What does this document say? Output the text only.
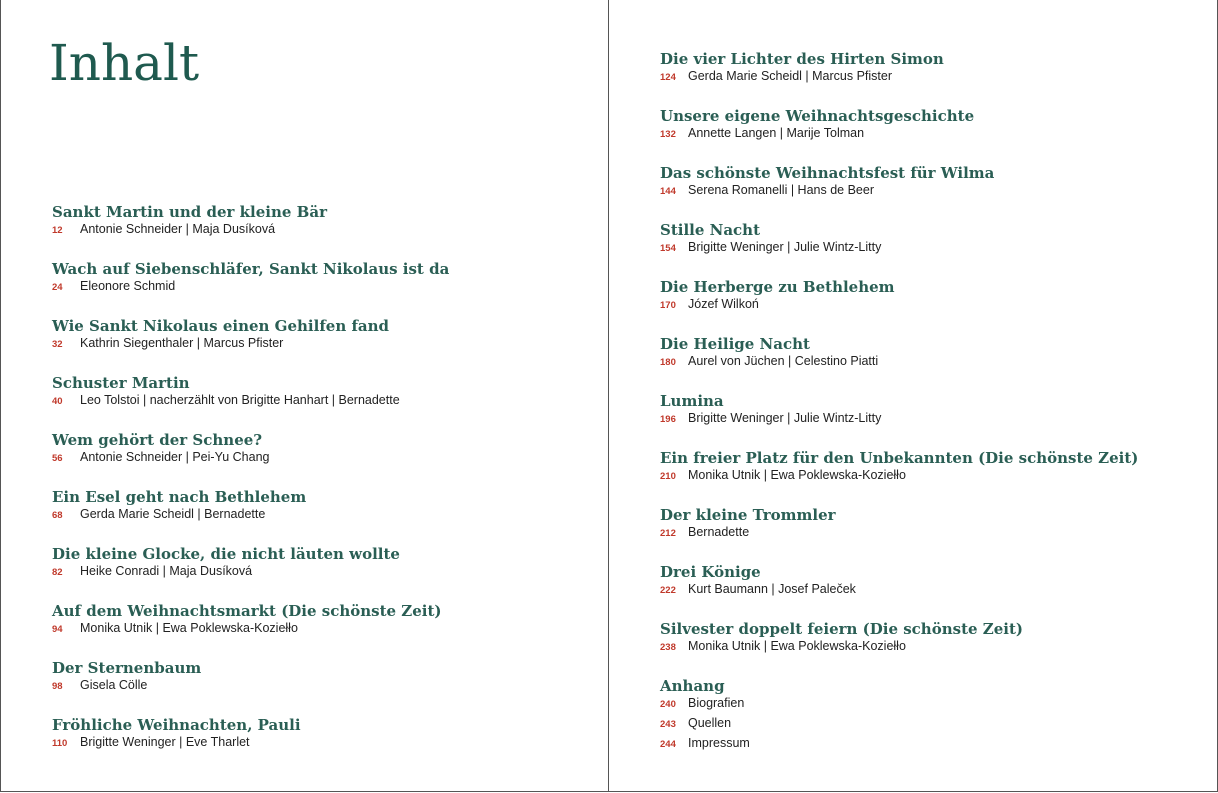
Inhalt
Sankt Martin und der kleine Bär
12	Antonie Schneider | Maja Dusíková
Wach auf Siebenschläfer, Sankt Nikolaus ist da
24	Eleonore Schmid
Wie Sankt Nikolaus einen Gehilfen fand
32	Kathrin Siegenthaler | Marcus Pfister
Schuster Martin
40	Leo Tolstoi | nacherzählt von Brigitte Hanhart | Bernadette
Wem gehört der Schnee?
56	Antonie Schneider | Pei-Yu Chang
Ein Esel geht nach Bethlehem
68	Gerda Marie Scheidl | Bernadette
Die kleine Glocke, die nicht läuten wollte
82	Heike Conradi | Maja Dusíková
Auf dem Weihnachtsmarkt (Die schönste Zeit)
94	Monika Utnik | Ewa Poklewska-Koziełło
Der Sternenbaum
98	Gisela Cölle
Fröhliche Weihnachten, Pauli
110	Brigitte Weninger | Eve Tharlet
Die vier Lichter des Hirten Simon
124 Gerda Marie Scheidl | Marcus Pfister
Unsere eigene Weihnachtsgeschichte
132 Annette Langen | Marije Tolman
Das schönste Weihnachtsfest für Wilma
144 Serena Romanelli | Hans de Beer
Stille Nacht
154 Brigitte Weninger | Julie Wintz-Litty
Die Herberge zu Bethlehem
170 Józef Wilkoń
Die Heilige Nacht
180 Aurel von Jüchen | Celestino Piatti
Lumina
196 Brigitte Weninger | Julie Wintz-Litty
Ein freier Platz für den Unbekannten (Die schönste Zeit)
210 Monika Utnik | Ewa Poklewska-Koziełło
Der kleine Trommler
212 Bernadette
Drei Könige
222 Kurt Baumann | Josef Paleček
Silvester doppelt feiern (Die schönste Zeit)
238 Monika Utnik | Ewa Poklewska-Koziełło
Anhang
240 Biografien
243 Quellen
244 Impressum
